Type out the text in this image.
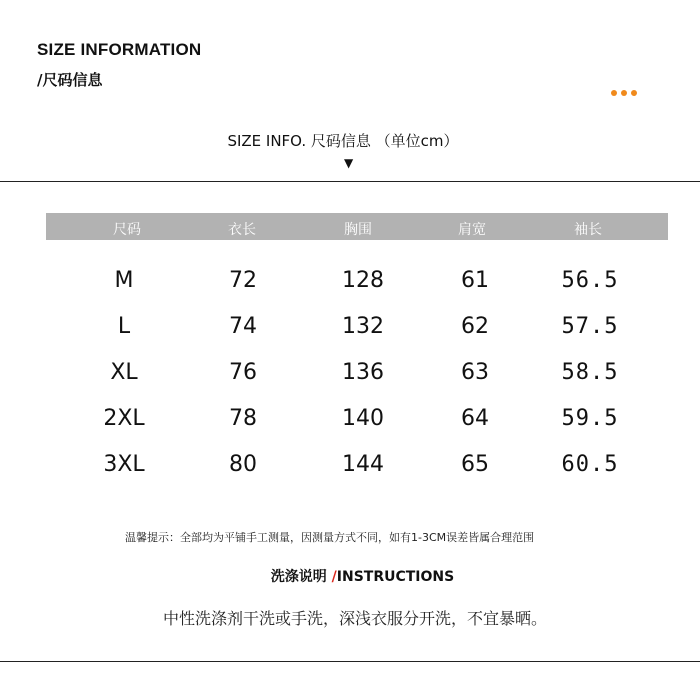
SIZE INFORMATION
/尺码信息
SIZE INFO. 尺码信息 （单位cm）
▼
尺码	衣长	胸围	肩宽	袖长
M	72	128	61	56.5
L	74	132	62	57.5
XL	76	136	63	58.5
2XL	78	140	64	59.5
3XL	80	144	65	60.5
温馨提示：全部均为平铺手工测量，因测量方式不同，如有1-3CM误差皆属合理范围
洗涤说明 /INSTRUCTIONS
中性洗涤剂干洗或手洗，深浅衣服分开洗，不宜暴晒。
